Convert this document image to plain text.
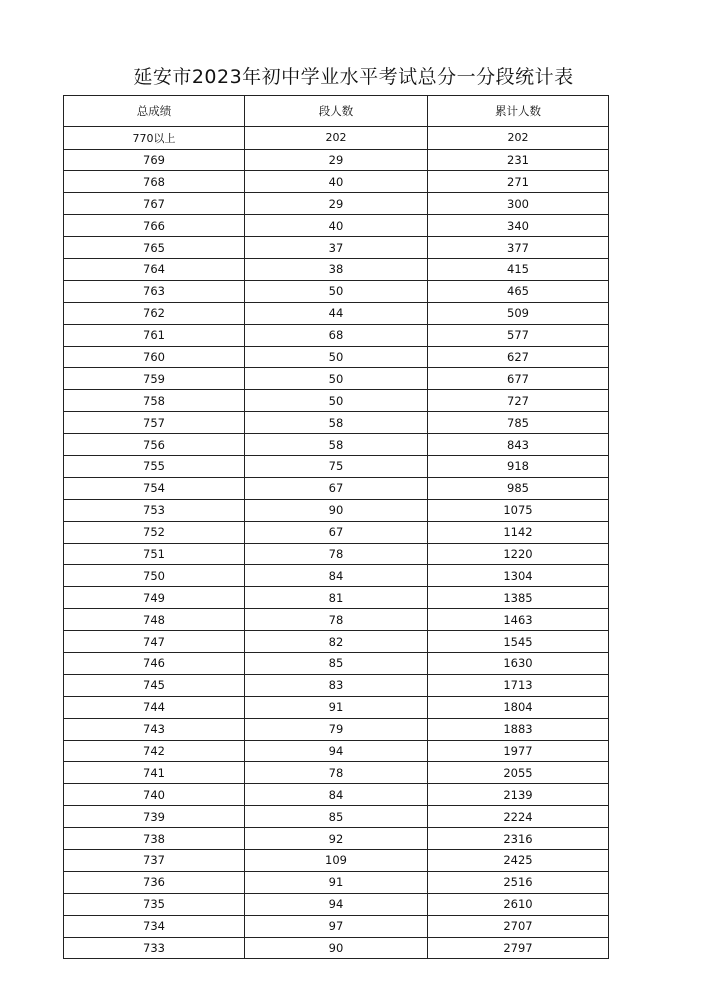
延安市2023年初中学业水平考试总分一分段统计表
总成绩	段人数	累计人数
770以上	202	202
769	29	231
768	40	271
767	29	300
766	40	340
765	37	377
764	38	415
763	50	465
762	44	509
761	68	577
760	50	627
759	50	677
758	50	727
757	58	785
756	58	843
755	75	918
754	67	985
753	90	1075
752	67	1142
751	78	1220
750	84	1304
749	81	1385
748	78	1463
747	82	1545
746	85	1630
745	83	1713
744	91	1804
743	79	1883
742	94	1977
741	78	2055
740	84	2139
739	85	2224
738	92	2316
737	109	2425
736	91	2516
735	94	2610
734	97	2707
733	90	2797
